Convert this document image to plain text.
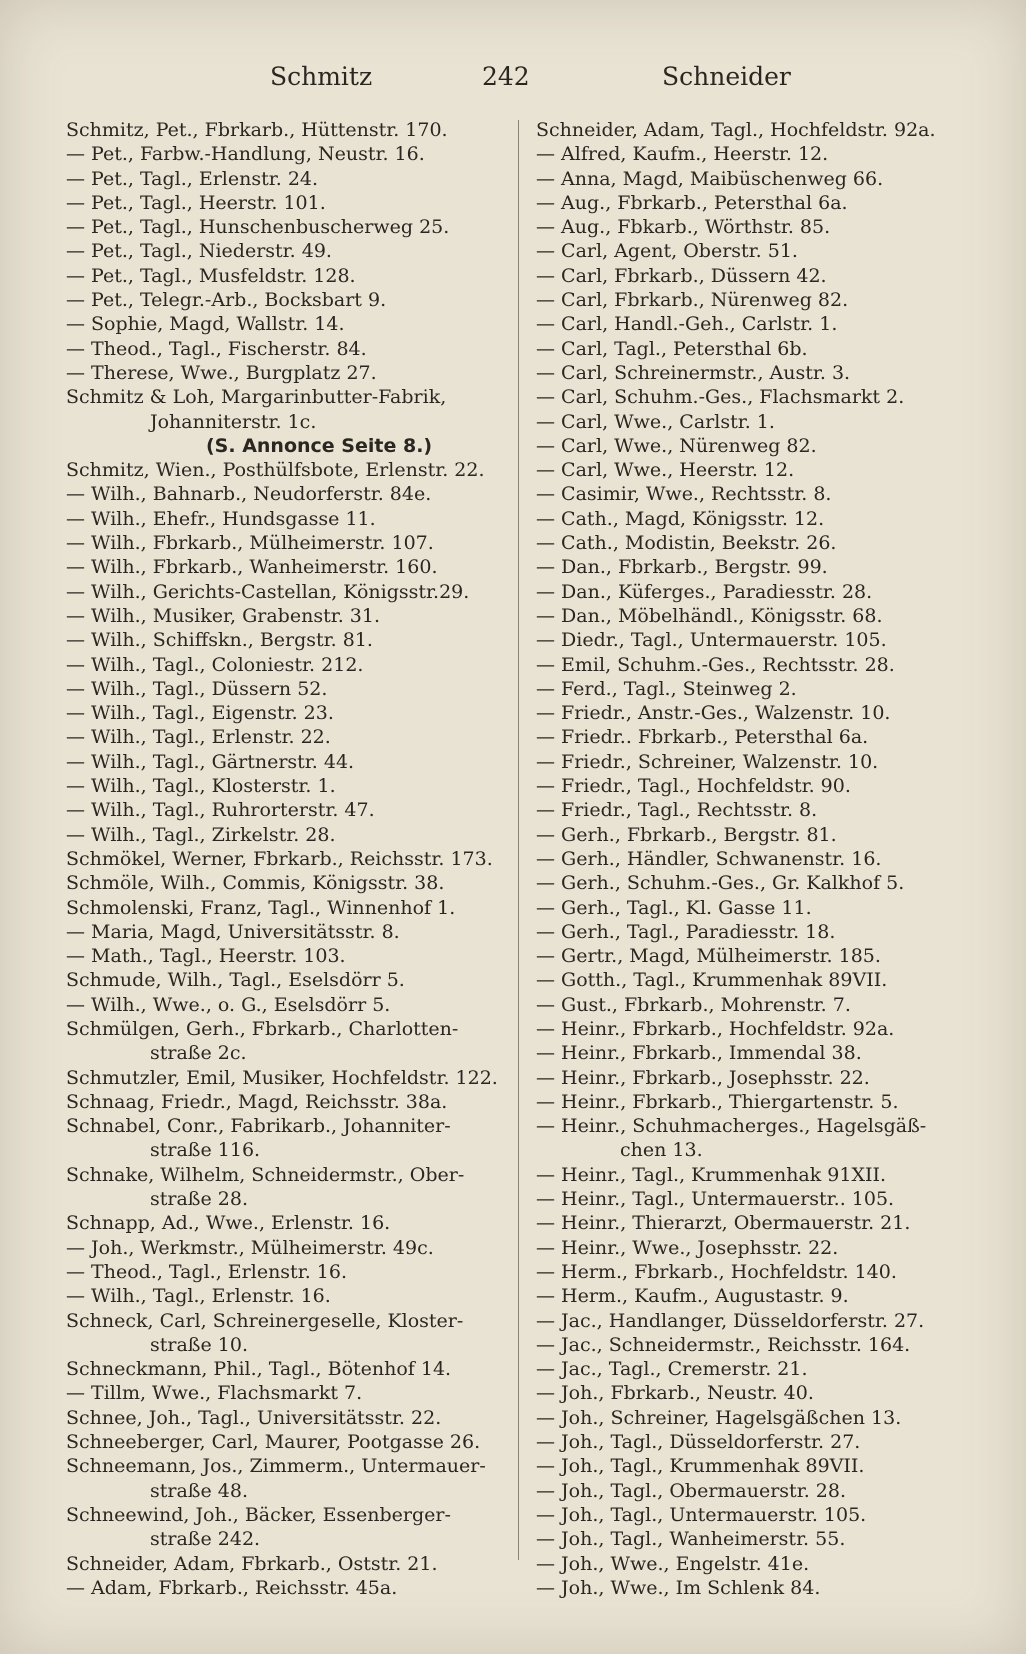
Schmitz	242	Schneider

Schmitz, Pet., Fbrkarb., Hüttenstr. 170.

— Pet., Farbw.-Handlung, Neustr. 16.

— Pet., Tagl., Erlenstr. 24.

— Pet., Tagl., Heerstr. 101.

— Pet., Tagl., Hunschenbuscherweg 25.

— Pet., Tagl., Niederstr. 49.

— Pet., Tagl., Musfeldstr. 128.

— Pet., Telegr.-Arb., Bocksbart 9.

— Sophie, Magd, Wallstr. 14.

— Theod., Tagl., Fischerstr. 84.

— Therese, Wwe., Burgplatz 27.

Schmitz & Loh, Margarinbutter-Fabrik,

Johanniterstr. 1c.

(S. Annonce Seite 8.)

Schmitz, Wien., Posthülfsbote, Erlenstr. 22.

— Wilh., Bahnarb., Neudorferstr. 84e.

— Wilh., Ehefr., Hundsgasse 11.

— Wilh., Fbrkarb., Mülheimerstr. 107.

— Wilh., Fbrkarb., Wanheimerstr. 160.

— Wilh., Gerichts-Castellan, Königsstr.29.

— Wilh., Musiker, Grabenstr. 31.

— Wilh., Schiffskn., Bergstr. 81.

— Wilh., Tagl., Coloniestr. 212.

— Wilh., Tagl., Düssern 52.

— Wilh., Tagl., Eigenstr. 23.

— Wilh., Tagl., Erlenstr. 22.

— Wilh., Tagl., Gärtnerstr. 44.

— Wilh., Tagl., Klosterstr. 1.

— Wilh., Tagl., Ruhrorterstr. 47.

— Wilh., Tagl., Zirkelstr. 28.

Schmökel, Werner, Fbrkarb., Reichsstr. 173.

Schmöle, Wilh., Commis, Königsstr. 38.

Schmolenski, Franz, Tagl., Winnenhof 1.

— Maria, Magd, Universitätsstr. 8.

— Math., Tagl., Heerstr. 103.

Schmude, Wilh., Tagl., Eselsdörr 5.

— Wilh., Wwe., o. G., Eselsdörr 5.

Schmülgen, Gerh., Fbrkarb., Charlotten-

straße 2c.

Schmutzler, Emil, Musiker, Hochfeldstr. 122.

Schnaag, Friedr., Magd, Reichsstr. 38a.

Schnabel, Conr., Fabrikarb., Johanniter-

straße 116.

Schnake, Wilhelm, Schneidermstr., Ober-

straße 28.

Schnapp, Ad., Wwe., Erlenstr. 16.

— Joh., Werkmstr., Mülheimerstr. 49c.

— Theod., Tagl., Erlenstr. 16.

— Wilh., Tagl., Erlenstr. 16.

Schneck, Carl, Schreinergeselle, Kloster-

straße 10.

Schneckmann, Phil., Tagl., Bötenhof 14.

— Tillm, Wwe., Flachsmarkt 7.

Schnee, Joh., Tagl., Universitätsstr. 22.

Schneeberger, Carl, Maurer, Pootgasse 26.

Schneemann, Jos., Zimmerm., Untermauer-

straße 48.

Schneewind, Joh., Bäcker, Essenberger-

straße 242.

Schneider, Adam, Fbrkarb., Oststr. 21.

— Adam, Fbrkarb., Reichsstr. 45a.

Schneider, Adam, Tagl., Hochfeldstr. 92a.

— Alfred, Kaufm., Heerstr. 12.

— Anna, Magd, Maibüschenweg 66.

— Aug., Fbrkarb., Petersthal 6a.

— Aug., Fbkarb., Wörthstr. 85.

— Carl, Agent, Oberstr. 51.

— Carl, Fbrkarb., Düssern 42.

— Carl, Fbrkarb., Nürenweg 82.

— Carl, Handl.-Geh., Carlstr. 1.

— Carl, Tagl., Petersthal 6b.

— Carl, Schreinermstr., Austr. 3.

— Carl, Schuhm.-Ges., Flachsmarkt 2.

— Carl, Wwe., Carlstr. 1.

— Carl, Wwe., Nürenweg 82.

— Carl, Wwe., Heerstr. 12.

— Casimir, Wwe., Rechtsstr. 8.

— Cath., Magd, Königsstr. 12.

— Cath., Modistin, Beekstr. 26.

— Dan., Fbrkarb., Bergstr. 99.

— Dan., Küferges., Paradiesstr. 28.

— Dan., Möbelhändl., Königsstr. 68.

— Diedr., Tagl., Untermauerstr. 105.

— Emil, Schuhm.-Ges., Rechtsstr. 28.

— Ferd., Tagl., Steinweg 2.

— Friedr., Anstr.-Ges., Walzenstr. 10.

— Friedr.. Fbrkarb., Petersthal 6a.

— Friedr., Schreiner, Walzenstr. 10.

— Friedr., Tagl., Hochfeldstr. 90.

— Friedr., Tagl., Rechtsstr. 8.

— Gerh., Fbrkarb., Bergstr. 81.

— Gerh., Händler, Schwanenstr. 16.

— Gerh., Schuhm.-Ges., Gr. Kalkhof 5.

— Gerh., Tagl., Kl. Gasse 11.

— Gerh., Tagl., Paradiesstr. 18.

— Gertr., Magd, Mülheimerstr. 185.

— Gotth., Tagl., Krummenhak 89VII.

— Gust., Fbrkarb., Mohrenstr. 7.

— Heinr., Fbrkarb., Hochfeldstr. 92a.

— Heinr., Fbrkarb., Immendal 38.

— Heinr., Fbrkarb., Josephsstr. 22.

— Heinr., Fbrkarb., Thiergartenstr. 5.

— Heinr., Schuhmacherges., Hagelsgäß-

chen 13.

— Heinr., Tagl., Krummenhak 91XII.

— Heinr., Tagl., Untermauerstr.. 105.

— Heinr., Thierarzt, Obermauerstr. 21.

— Heinr., Wwe., Josephsstr. 22.

— Herm., Fbrkarb., Hochfeldstr. 140.

— Herm., Kaufm., Augustastr. 9.

— Jac., Handlanger, Düsseldorferstr. 27.

— Jac., Schneidermstr., Reichsstr. 164.

— Jac., Tagl., Cremerstr. 21.

— Joh., Fbrkarb., Neustr. 40.

— Joh., Schreiner, Hagelsgäßchen 13.

— Joh., Tagl., Düsseldorferstr. 27.

— Joh., Tagl., Krummenhak 89VII.

— Joh., Tagl., Obermauerstr. 28.

— Joh., Tagl., Untermauerstr. 105.

— Joh., Tagl., Wanheimerstr. 55.

— Joh., Wwe., Engelstr. 41e.

— Joh., Wwe., Im Schlenk 84.
